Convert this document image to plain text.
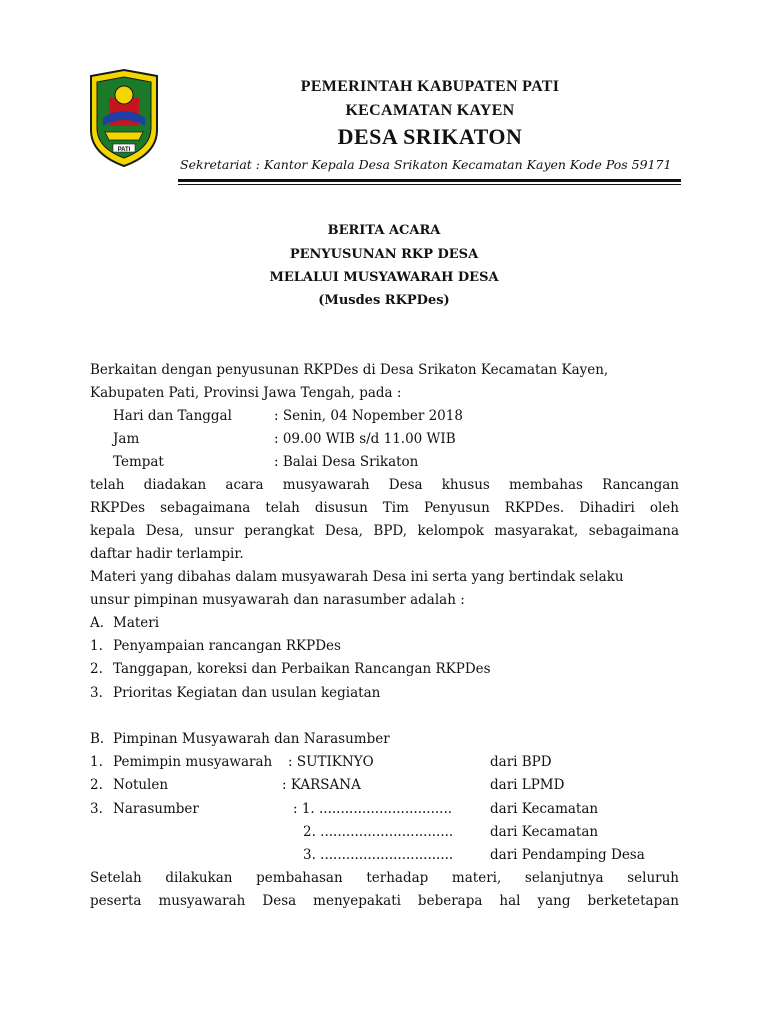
PATI
PEMERINTAH KABUPATEN PATI
KECAMATAN KAYEN
DESA SRIKATON
Sekretariat : Kantor Kepala Desa Srikaton Kecamatan Kayen Kode Pos 59171
BERITA ACARA
PENYUSUNAN RKP DESA
MELALUI MUSYAWARAH DESA
(Musdes RKPDes)
Berkaitan dengan penyusunan RKPDes di Desa Srikaton Kecamatan Kayen,
Kabupaten Pati, Provinsi Jawa Tengah, pada :
Hari dan Tanggal	: Senin, 04 Nopember 2018
Jam	: 09.00 WIB s/d 11.00 WIB
Tempat	: Balai Desa Srikaton
telah diadakan acara musyawarah Desa khusus membahas Rancangan
RKPDes sebagaimana telah disusun Tim Penyusun RKPDes. Dihadiri oleh
kepala Desa, unsur perangkat Desa, BPD, kelompok masyarakat, sebagaimana
daftar hadir terlampir.
Materi yang dibahas dalam musyawarah Desa ini serta yang bertindak selaku
unsur pimpinan musyawarah dan narasumber adalah :
A. Materi
1. Penyampaian rancangan RKPDes
2. Tanggapan, koreksi dan Perbaikan Rancangan RKPDes
3. Prioritas Kegiatan dan usulan kegiatan
B. Pimpinan Musyawarah dan Narasumber
1. Pemimpin musyawarah : SUTIKNYO	dari BPD
2. Notulen	: KARSANA	dari LPMD
3. Narasumber	: 1. ...............................	dari Kecamatan
2. ...............................	dari Kecamatan
3. ...............................	dari Pendamping Desa
Setelah dilakukan pembahasan terhadap materi, selanjutnya seluruh
peserta musyawarah Desa menyepakati beberapa hal yang berketetapan
